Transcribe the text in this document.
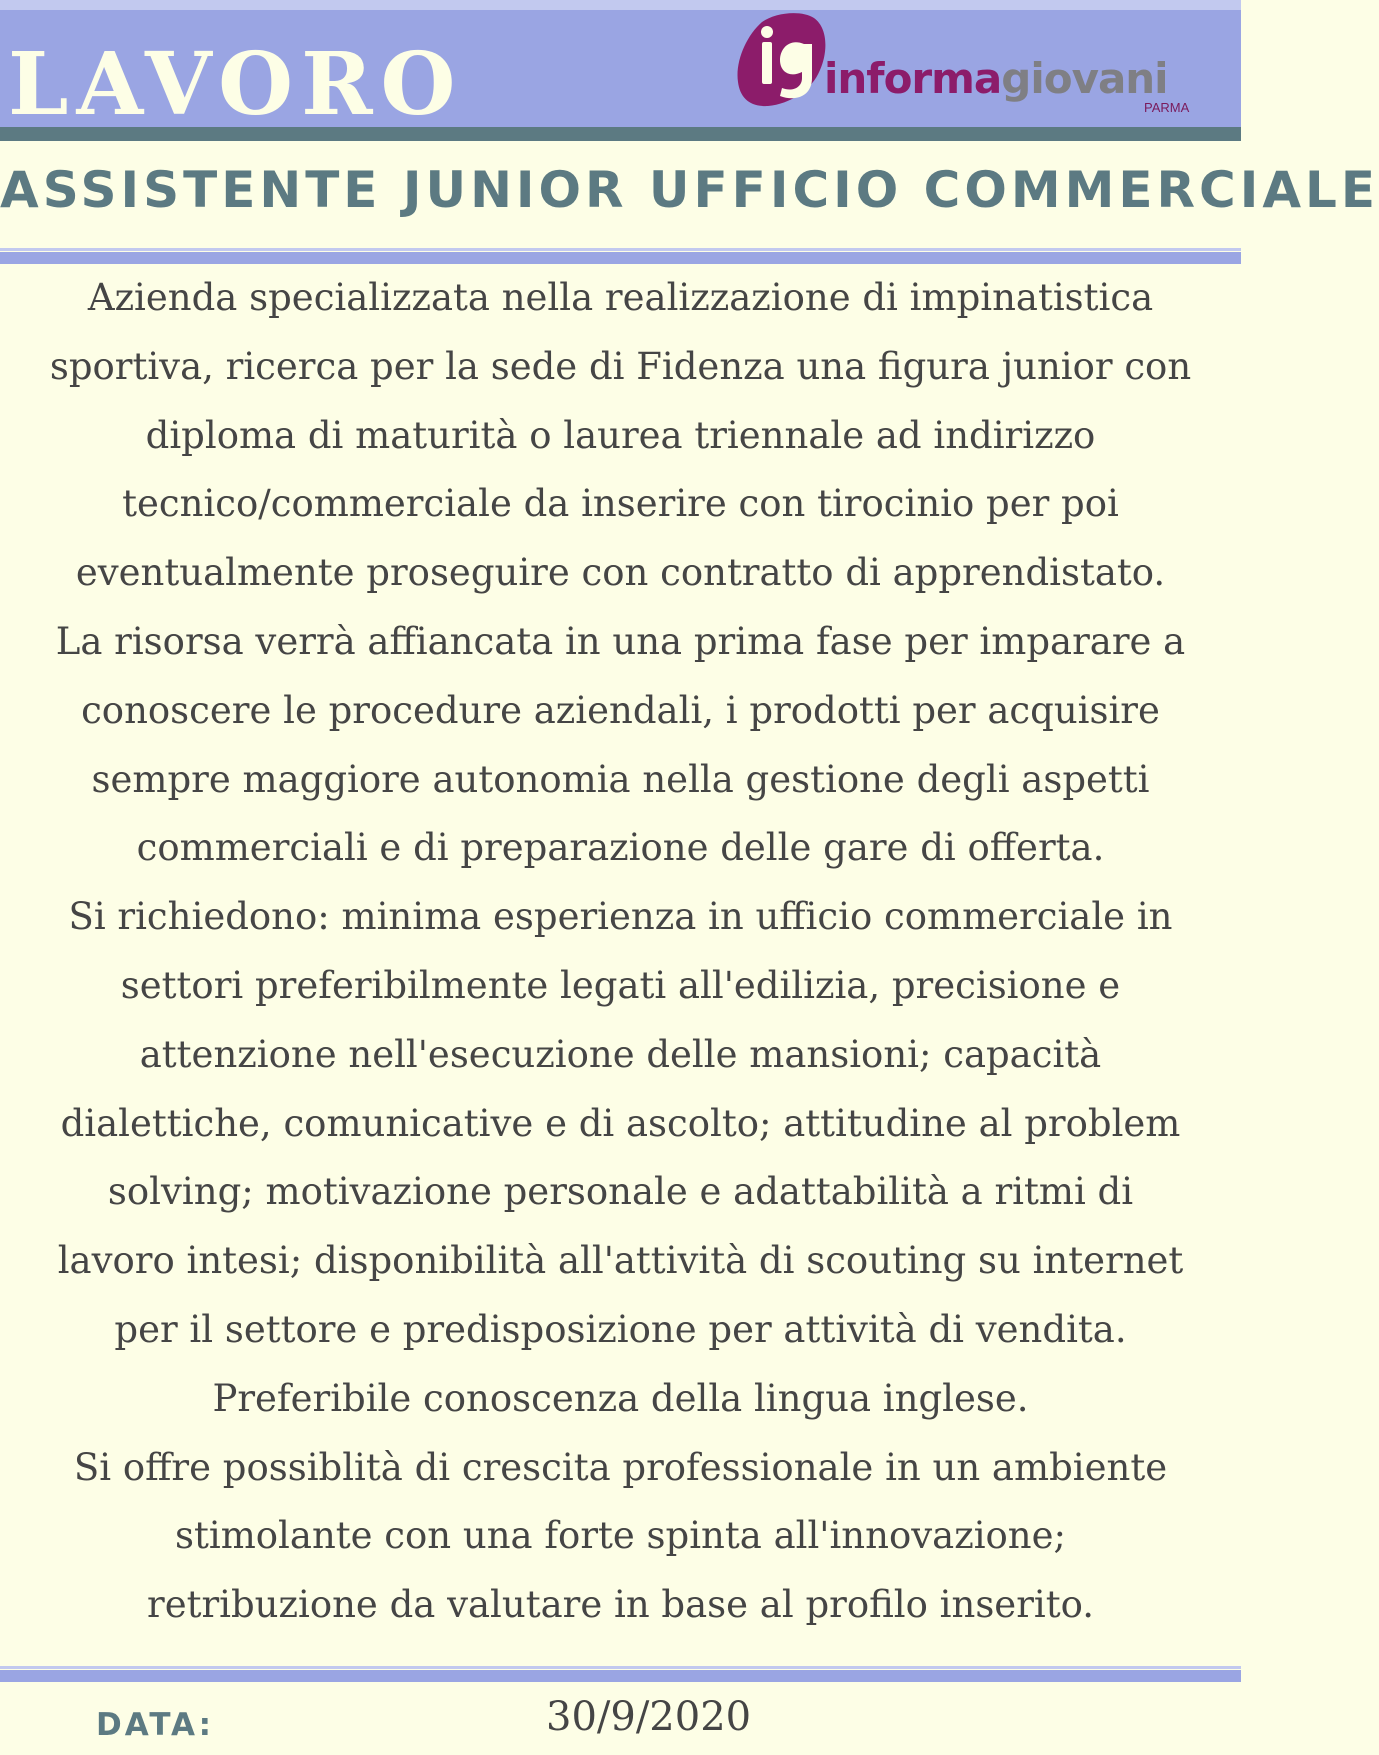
LAVORO	informagiovani
PARMA
ASSISTENTE JUNIOR UFFICIO COMMERCIALE
Azienda specializzata nella realizzazione di impinatistica
sportiva, ricerca per la sede di Fidenza una figura junior con
diploma di maturità o laurea triennale ad indirizzo
tecnico/commerciale da inserire con tirocinio per poi
eventualmente proseguire con contratto di apprendistato.
La risorsa verrà affiancata in una prima fase per imparare a
conoscere le procedure aziendali, i prodotti per acquisire
sempre maggiore autonomia nella gestione degli aspetti
commerciali e di preparazione delle gare di offerta.
Si richiedono: minima esperienza in ufficio commerciale in
settori preferibilmente legati all'edilizia, precisione e
attenzione nell'esecuzione delle mansioni; capacità
dialettiche, comunicative e di ascolto; attitudine al problem
solving; motivazione personale e adattabilità a ritmi di
lavoro intesi; disponibilità all'attività di scouting su internet
per il settore e predisposizione per attività di vendita.
Preferibile conoscenza della lingua inglese.
Si offre possiblità di crescita professionale in un ambiente
stimolante con una forte spinta all'innovazione;
retribuzione da valutare in base al profilo inserito.
DATA:	30/9/2020
